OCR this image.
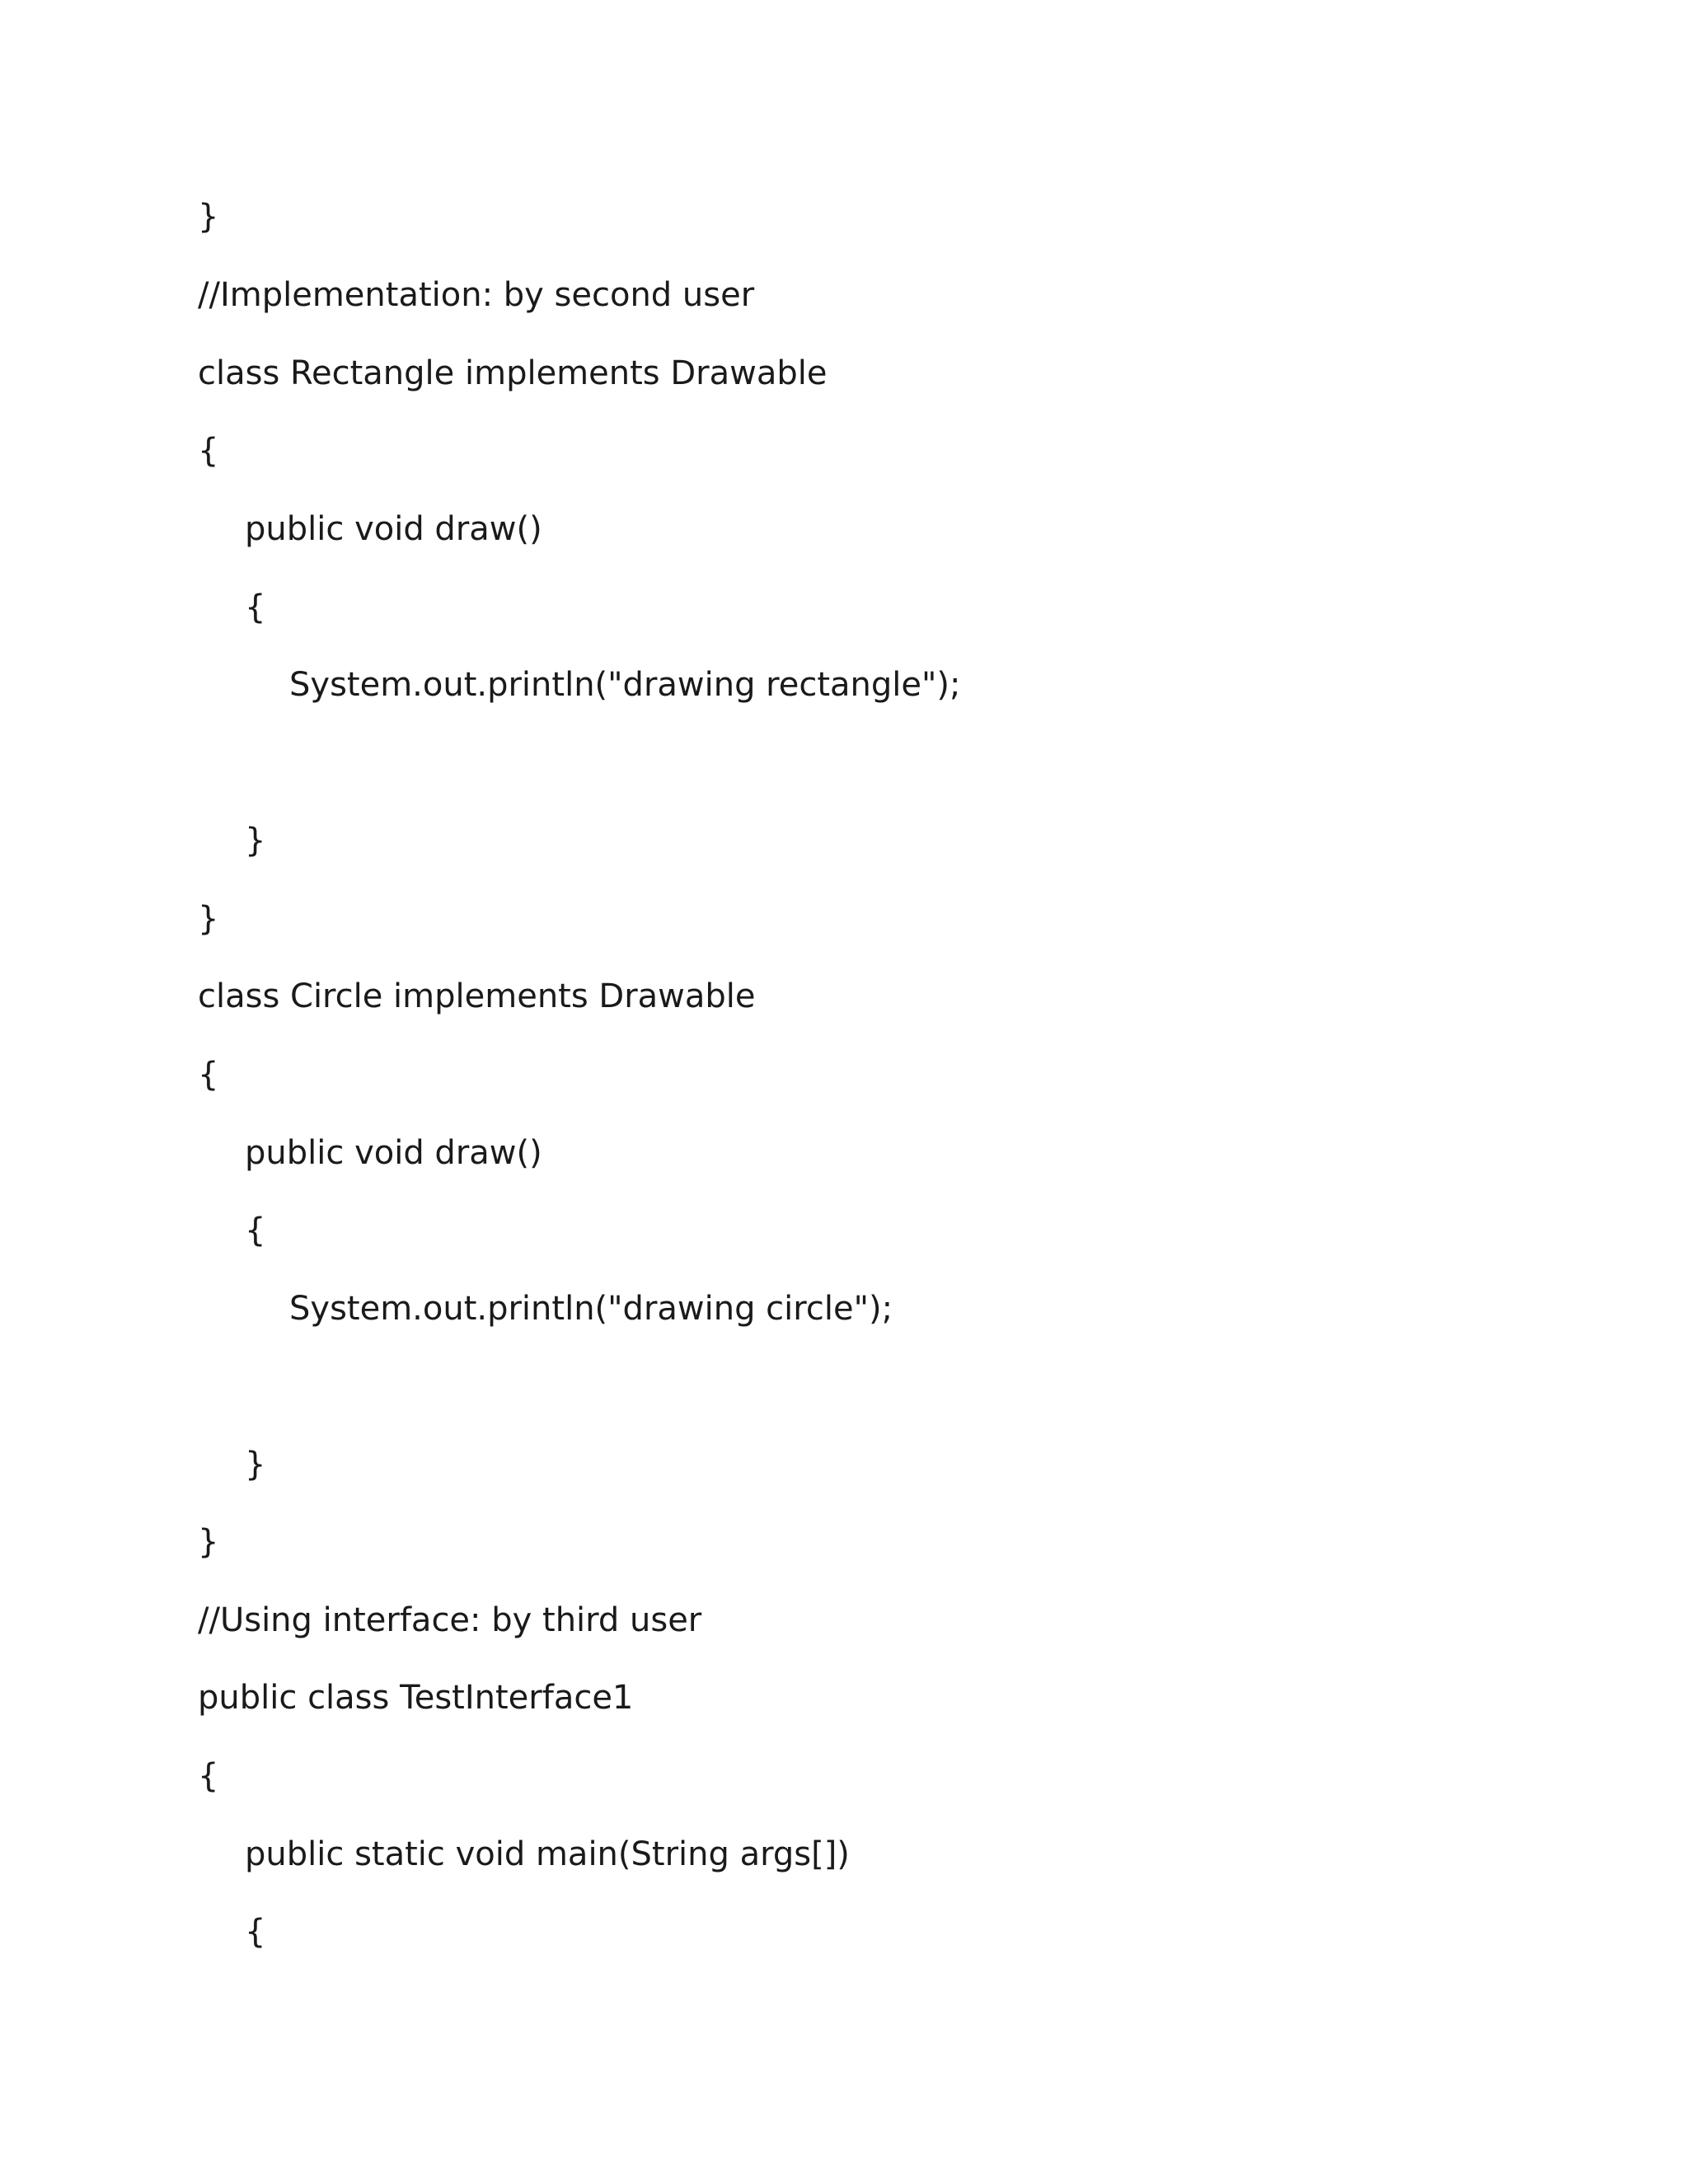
}

//Implementation: by second user

class Rectangle implements Drawable

{

public void draw()

{

System.out.println("drawing rectangle");

}

}

class Circle implements Drawable

{

public void draw()

{

System.out.println("drawing circle");

}

}

//Using interface: by third user

public class TestInterface1

{

public static void main(String args[])

{
